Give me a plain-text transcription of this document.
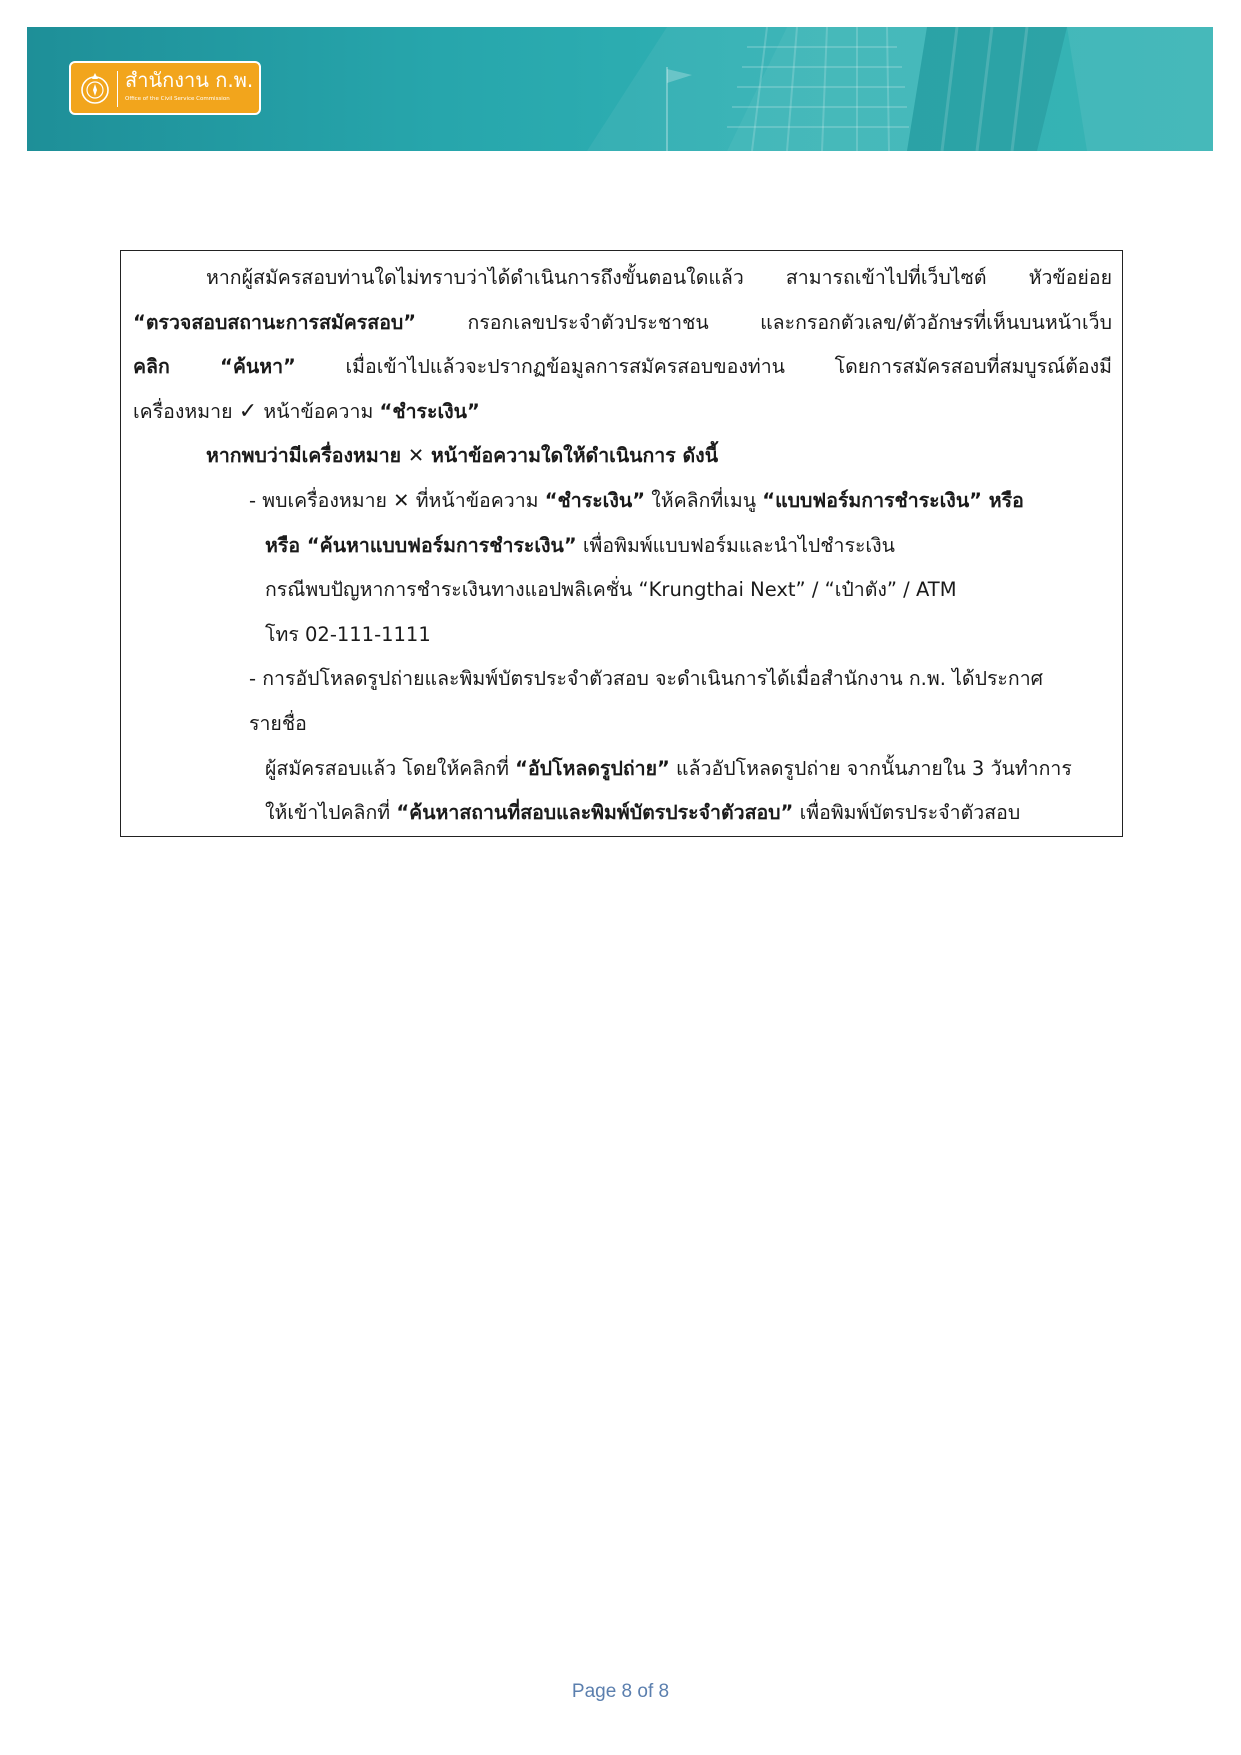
สำนักงาน ก.พ.
Office of the Civil Service Commission

หากผู้สมัครสอบท่านใดไม่ทราบว่าได้ดำเนินการถึงขั้นตอนใดแล้ว สามารถเข้าไปที่เว็บไซต์ หัวข้อย่อย

“ตรวจสอบสถานะการสมัครสอบ” กรอกเลขประจำตัวประชาชน และกรอกตัวเลข/ตัวอักษรที่เห็นบนหน้าเว็บ

คลิก “ค้นหา” เมื่อเข้าไปแล้วจะปรากฏข้อมูลการสมัครสอบของท่าน โดยการสมัครสอบที่สมบูรณ์ต้องมี

เครื่องหมาย ✓ หน้าข้อความ “ชำระเงิน”

หากพบว่ามีเครื่องหมาย ✕ หน้าข้อความใดให้ดำเนินการ ดังนี้

- พบเครื่องหมาย ✕ ที่หน้าข้อความ “ชำระเงิน” ให้คลิกที่เมนู “แบบฟอร์มการชำระเงิน” หรือ

หรือ “ค้นหาแบบฟอร์มการชำระเงิน” เพื่อพิมพ์แบบฟอร์มและนำไปชำระเงิน

กรณีพบปัญหาการชำระเงินทางแอปพลิเคชั่น “Krungthai Next” / “เป๋าตัง” / ATM

โทร 02-111-1111

- การอัปโหลดรูปถ่ายและพิมพ์บัตรประจำตัวสอบ จะดำเนินการได้เมื่อสำนักงาน ก.พ. ได้ประกาศ

รายชื่อ

ผู้สมัครสอบแล้ว โดยให้คลิกที่ “อัปโหลดรูปถ่าย” แล้วอัปโหลดรูปถ่าย จากนั้นภายใน 3 วันทำการ

ให้เข้าไปคลิกที่ “ค้นหาสถานที่สอบและพิมพ์บัตรประจำตัวสอบ” เพื่อพิมพ์บัตรประจำตัวสอบ

Page 8 of 8
